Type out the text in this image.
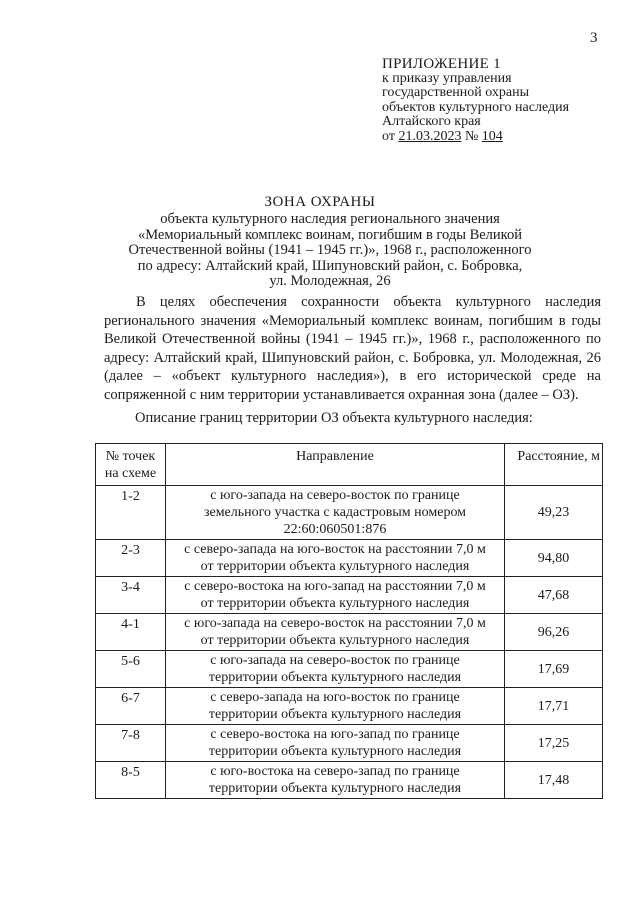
3
ПРИЛОЖЕНИЕ 1
к приказу управления
государственной охраны
объектов культурного наследия
Алтайского края
от 21.03.2023 № 104
ЗОНА ОХРАНЫ
объекта культурного наследия регионального значения
«Мемориальный комплекс воинам, погибшим в годы Великой
Отечественной войны (1941 – 1945 гг.)», 1968 г., расположенного
по адресу: Алтайский край, Шипуновский район, с. Бобровка,
ул. Молодежная, 26
В целях обеспечения сохранности объекта культурного наследия регионального значения «Мемориальный комплекс воинам, погибшим в годы Великой Отечественной войны (1941 – 1945 гг.)», 1968 г., расположенного по адресу: Алтайский край, Шипуновский район, с. Бобровка, ул. Молодежная, 26 (далее – «объект культурного наследия»), в его исторической среде на сопряженной с ним территории устанавливается охранная зона (далее – ОЗ).
Описание границ территории ОЗ объекта культурного наследия:
№ точек
на схеме	Направление	Расстояние, м
1-2	с юго-запада на северо-восток по границе
земельного участка с кадастровым номером
22:60:060501:876	49,23
2-3	с северо-запада на юго-восток на расстоянии 7,0 м
от территории объекта культурного наследия	94,80
3-4	с северо-востока на юго-запад на расстоянии 7,0 м
от территории объекта культурного наследия	47,68
4-1	с юго-запада на северо-восток на расстоянии 7,0 м
от территории объекта культурного наследия	96,26
5-6	с юго-запада на северо-восток по границе
территории объекта культурного наследия	17,69
6-7	с северо-запада на юго-восток по границе
территории объекта культурного наследия	17,71
7-8	с северо-востока на юго-запад по границе
территории объекта культурного наследия	17,25
8-5	с юго-востока на северо-запад по границе
территории объекта культурного наследия	17,48
